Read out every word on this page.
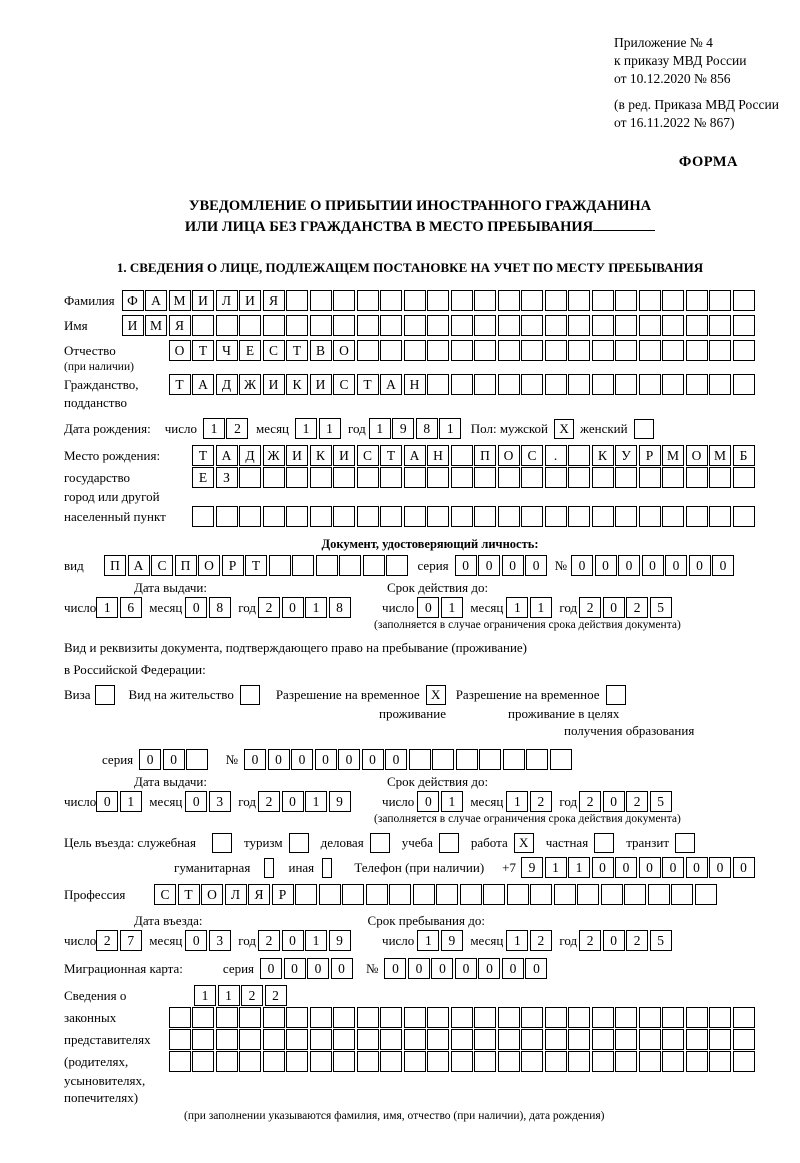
Приложение № 4
к приказу МВД России
от 10.12.2020 № 856
(в ред. Приказа МВД России
от 16.11.2022 № 867)
ФОРМА
УВЕДОМЛЕНИЕ О ПРИБЫТИИ ИНОСТРАННОГО ГРАЖДАНИНА
ИЛИ ЛИЦА БЕЗ ГРАЖДАНСТВА В МЕСТО ПРЕБЫВАНИЯ
1. СВЕДЕНИЯ О ЛИЦЕ, ПОДЛЕЖАЩЕМ ПОСТАНОВКЕ НА УЧЕТ ПО МЕСТУ ПРЕБЫВАНИЯ
Фамилия Ф А М И	Л	И	Я
Имя	И М Я
Отчество	О	Т	Ч	Е	С	Т	В	О
(при наличии)
Гражданство,	Т	А	Д Ж И	К	И	С	Т	А	Н
подданство
Дата рождения: число	1	2	месяц	1	1	год 1	9	8	1	Пол: мужской X женский
Место рождения:	Т	А	Д Ж И	К	И	С	Т	А	Н	П	О	С	.	К	У	Р	М О М	Б
государство	Е	З
город или другой
населенный пункт
Документ, удостоверяющий личность:
вид	П	А	С	П	О	Р	Т	серия	0	0	0	0	№ 0	0	0	0	0	0	0
Дата выдачи:	Срок действия до:
число 1	6	месяц 0	8	год 2	0	1	8	число 0	1	месяц 1	1	год 2	0	2	5
(заполняется в случае ограничения срока действия документа)
Вид и реквизиты документа, подтверждающего право на пребывание (проживание)
в Российской Федерации:
Виза	Вид на жительство	Разрешение на временное X	Разрешение на временное
проживание	проживание в целях
получения образования
серия	0	0	№	0	0	0	0	0	0	0
Дата выдачи:	Срок действия до:
число 0	1	месяц 0	3	год 2	0	1	9	число 0	1	месяц 1	2	год 2	0	2	5
(заполняется в случае ограничения срока действия документа)
Цель въезда: служебная	туризм	деловая	учеба	работа X	частная	транзит
гуманитарная	иная	Телефон (при наличии) +7 9	1	1	0	0	0	0	0	0	0
Профессия	С	Т	О	Л	Я	Р
Дата въезда:	Срок пребывания до:
число 2	7	месяц 0	3	год 2	0	1	9	число 1	9	месяц 1	2	год 2	0	2	5
Миграционная карта:	серия	0	0	0	0	№	0	0	0	0	0	0	0
Сведения о	1	1	2	2
законных
представителях
(родителях,
усыновителях,
попечителях)
(при заполнении указываются фамилия, имя, отчество (при наличии), дата рождения)
